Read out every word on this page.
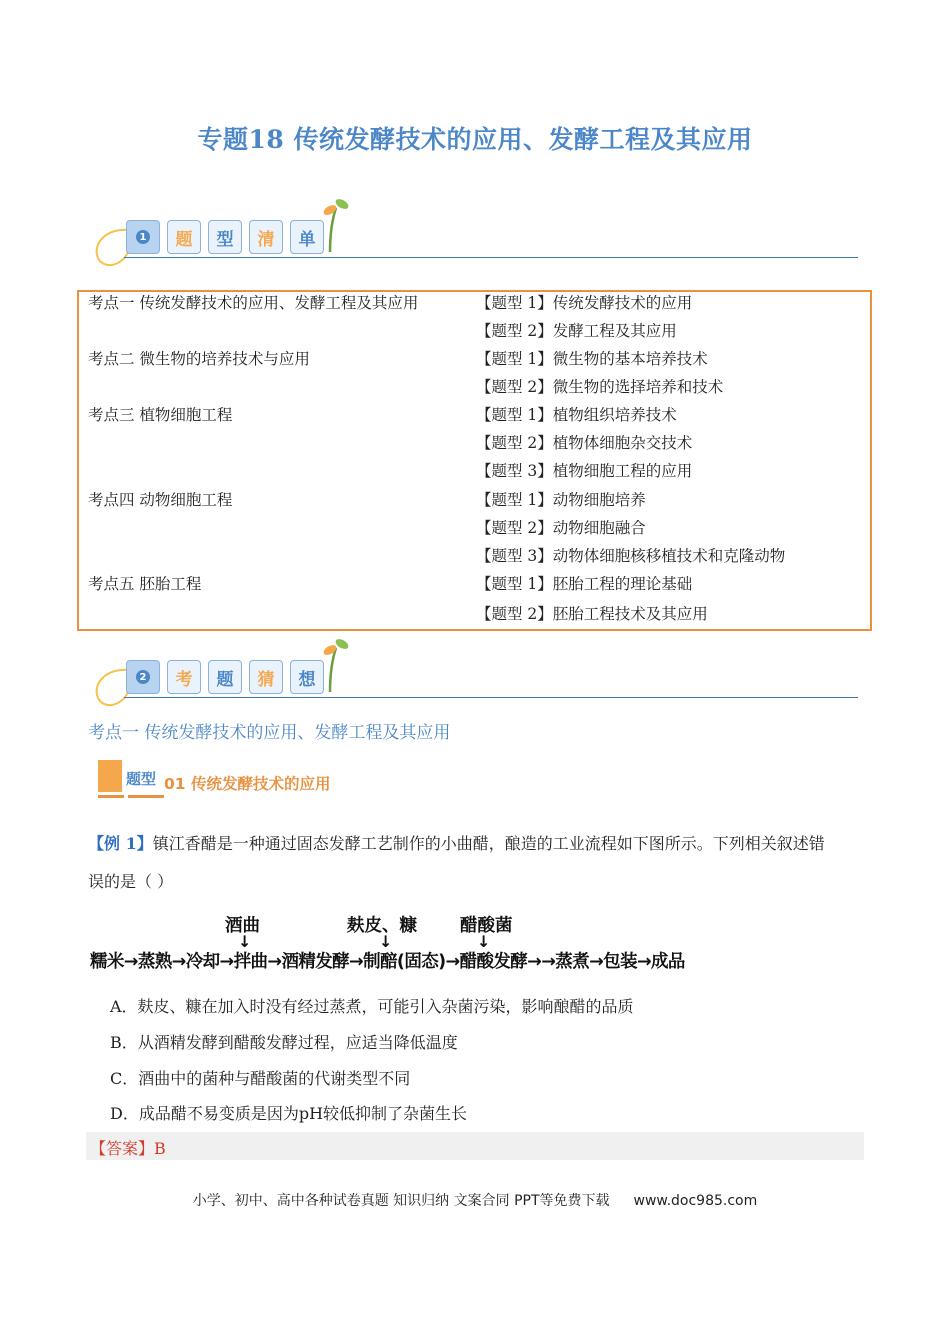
专题18 传统发酵技术的应用、发酵工程及其应用
1	题	型	清	单
考点一 传统发酵技术的应用、发酵工程及其应用	【题型 1】传统发酵技术的应用
【题型 2】发酵工程及其应用
考点二 微生物的培养技术与应用	【题型 1】微生物的基本培养技术
【题型 2】微生物的选择培养和技术
考点三 植物细胞工程	【题型 1】植物组织培养技术
【题型 2】植物体细胞杂交技术
【题型 3】植物细胞工程的应用
考点四 动物细胞工程	【题型 1】动物细胞培养
【题型 2】动物细胞融合
【题型 3】动物体细胞核移植技术和克隆动物
考点五 胚胎工程	【题型 1】胚胎工程的理论基础
【题型 2】胚胎工程技术及其应用
2	考	题	猜	想
考点一 传统发酵技术的应用、发酵工程及其应用
题型 01 传统发酵技术的应用
【例 1】镇江香醋是一种通过固态发酵工艺制作的小曲醋，酿造的工业流程如下图所示。下列相关叙述错
误的是（ ）
酒曲	麸皮、糠 醋酸菌
↓	↓	↓
糯米→蒸熟→冷却→拌曲→酒精发酵→制醅(固态)→醋酸发酵→→蒸煮→包装→成品
A．麸皮、糠在加入时没有经过蒸煮，可能引入杂菌污染，影响酿醋的品质
B．从酒精发酵到醋酸发酵过程，应适当降低温度
C．酒曲中的菌种与醋酸菌的代谢类型不同
D．成品醋不易变质是因为pH较低抑制了杂菌生长
【答案】B
小学、初中、高中各种试卷真题 知识归纳 文案合同 PPT等免费下载 www.doc985.com
